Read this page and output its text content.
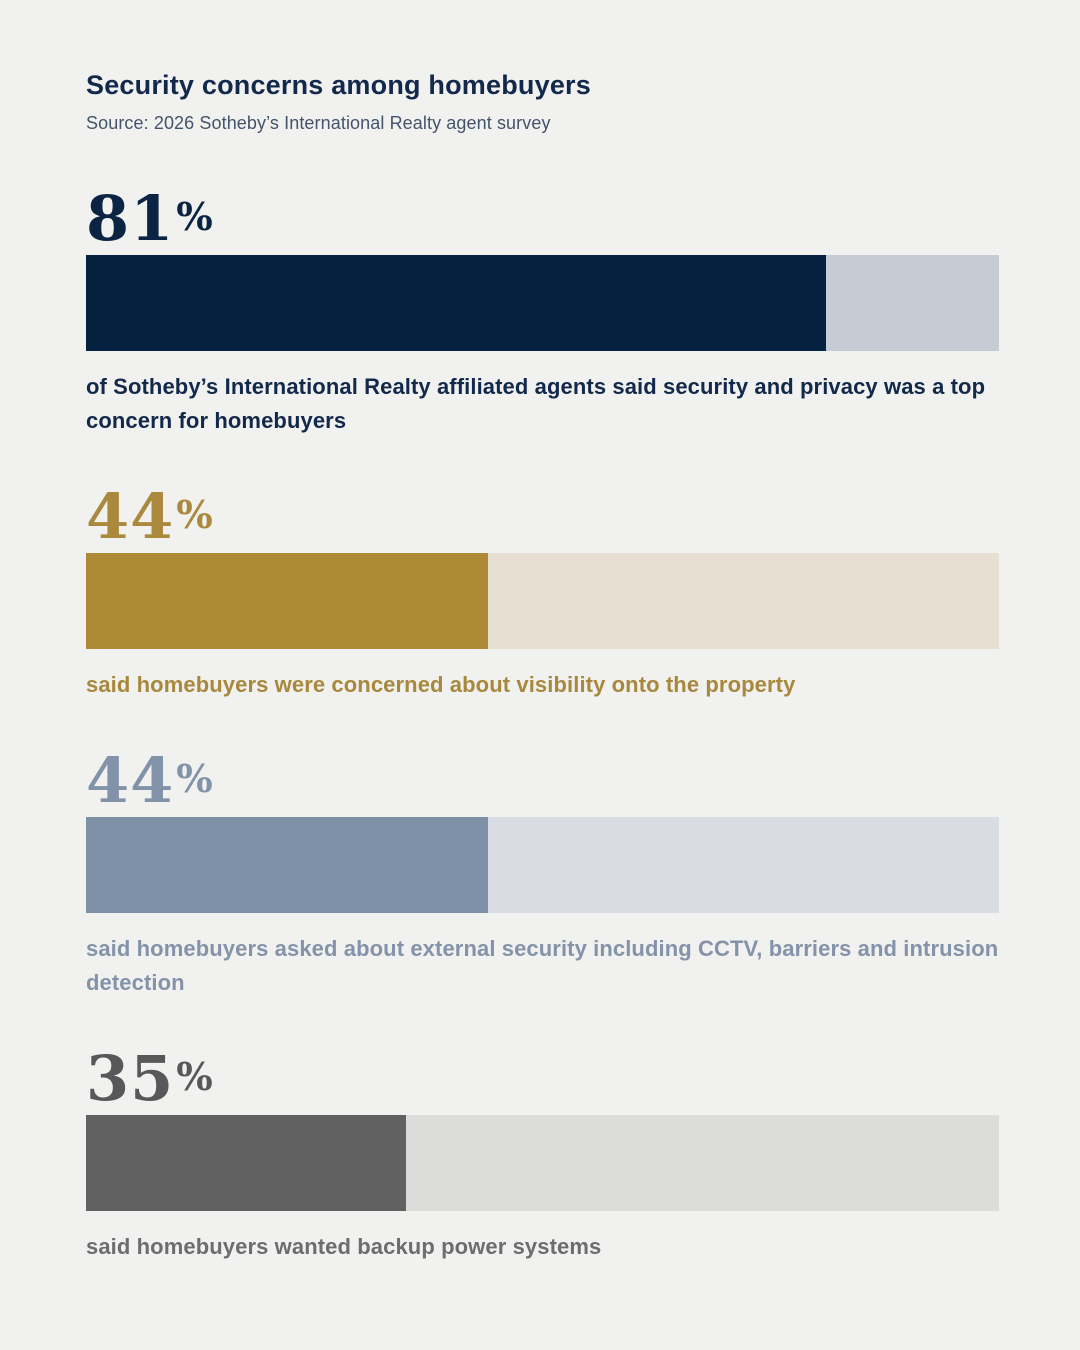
Security concerns among homebuyers
Source: 2026 Sotheby’s International Realty agent survey
81%
of Sotheby’s International Realty affiliated agents said security and privacy was a top concern for homebuyers
44%
said homebuyers were concerned about visibility onto the property
44%
said homebuyers asked about external security including CCTV, barriers and intrusion detection
35%
said homebuyers wanted backup power systems
